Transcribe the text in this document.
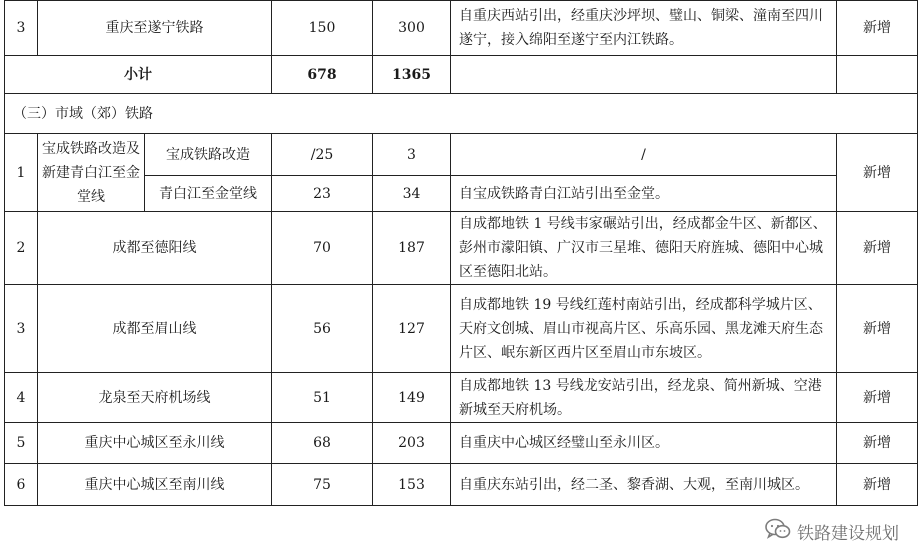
3	重庆至遂宁铁路		150	300	自重庆西站引出，经重庆沙坪坝、璧山、铜梁、潼南至四川遂宁，接入绵阳至遂宁至内江铁路。	新增
小计			678	1365		
（三）市域（郊）铁路						
1	宝成铁路改造及新建青白江至金堂线	宝成铁路改造	/25	3	/	新增
		青白江至金堂线	23	34	自宝成铁路青白江站引出至金堂。	
2	成都至德阳线		70	187	自成都地铁 1 号线韦家碾站引出，经成都金牛区、新都区、彭州市濛阳镇、广汉市三星堆、德阳天府旌城、德阳中心城区至德阳北站。	新增
3	成都至眉山线		56	127	自成都地铁 19 号线红莲村南站引出，经成都科学城片区、天府文创城、眉山市视高片区、乐高乐园、黑龙滩天府生态片区、岷东新区西片区至眉山市东坡区。	新增
4	龙泉至天府机场线		51	149	自成都地铁 13 号线龙安站引出，经龙泉、简州新城、空港新城至天府机场。	新增
5	重庆中心城区至永川线		68	203	自重庆中心城区经璧山至永川区。	新增
6	重庆中心城区至南川线		75	153	自重庆东站引出，经二圣、黎香湖、大观，至南川城区。	新增
铁路建设规划
